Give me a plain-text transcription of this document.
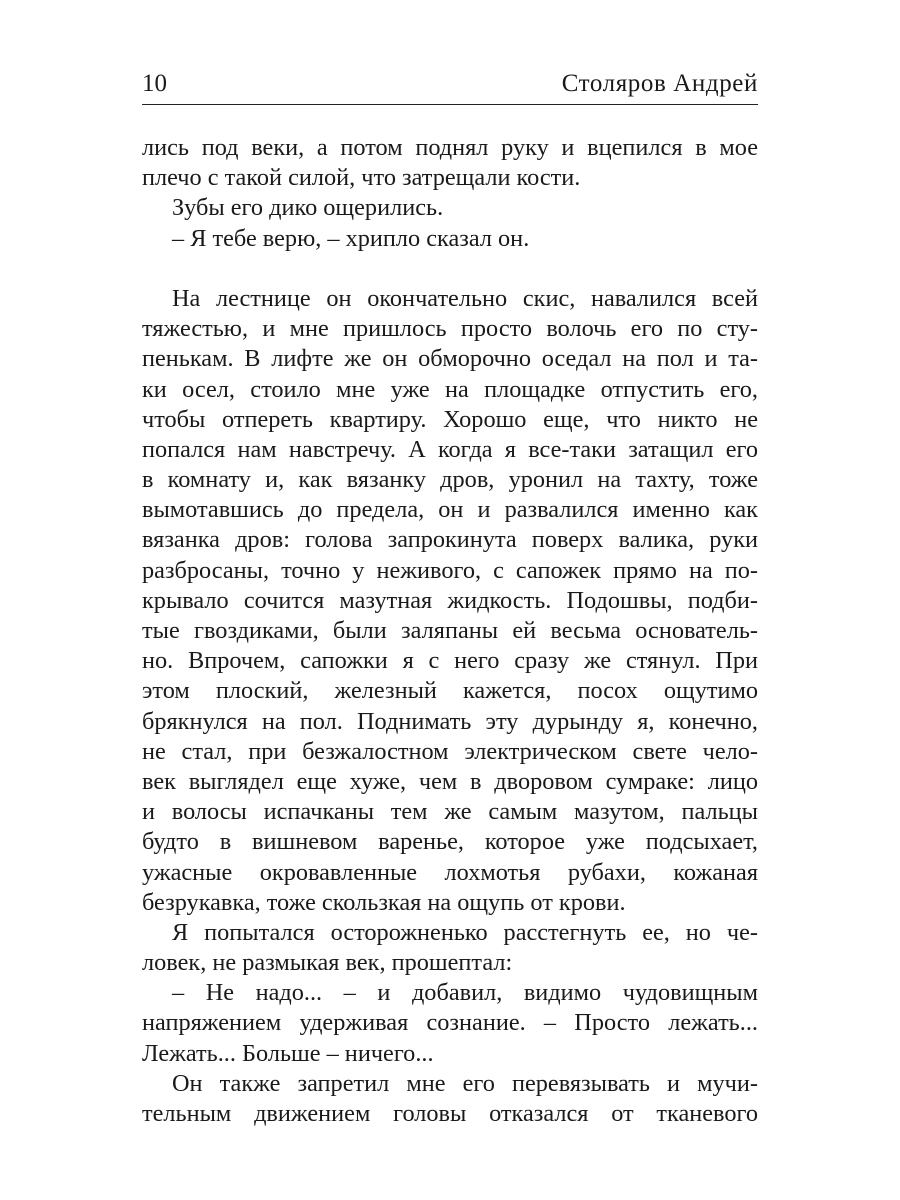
10	Столяров Андрей
лись под веки, а потом поднял руку и вцепился в мое
плечо с такой силой, что затрещали кости.
Зубы его дико ощерились.
– Я тебе верю, – хрипло сказал он.
На лестнице он окончательно скис, навалился всей
тяжестью, и мне пришлось просто волочь его по сту-
пенькам. В лифте же он обморочно оседал на пол и та-
ки осел, стоило мне уже на площадке отпустить его,
чтобы отпереть квартиру. Хорошо еще, что никто не
попался нам навстречу. А когда я все-таки затащил его
в комнату и, как вязанку дров, уронил на тахту, тоже
вымотавшись до предела, он и развалился именно как
вязанка дров: голова запрокинута поверх валика, руки
разбросаны, точно у неживого, с сапожек прямо на по-
крывало сочится мазутная жидкость. Подошвы, подби-
тые гвоздиками, были заляпаны ей весьма основатель-
но. Впрочем, сапожки я с него сразу же стянул. При
этом плоский, железный кажется, посох ощутимо
брякнулся на пол. Поднимать эту дурынду я, конечно,
не стал, при безжалостном электрическом свете чело-
век выглядел еще хуже, чем в дворовом сумраке: лицо
и волосы испачканы тем же самым мазутом, пальцы
будто в вишневом варенье, которое уже подсыхает,
ужасные окровавленные лохмотья рубахи, кожаная
безрукавка, тоже скользкая на ощупь от крови.
Я попытался осторожненько расстегнуть ее, но че-
ловек, не размыкая век, прошептал:
– Не надо... – и добавил, видимо чудовищным
напряжением удерживая сознание. – Просто лежать...
Лежать... Больше – ничего...
Он также запретил мне его перевязывать и мучи-
тельным движением головы отказался от тканевого
